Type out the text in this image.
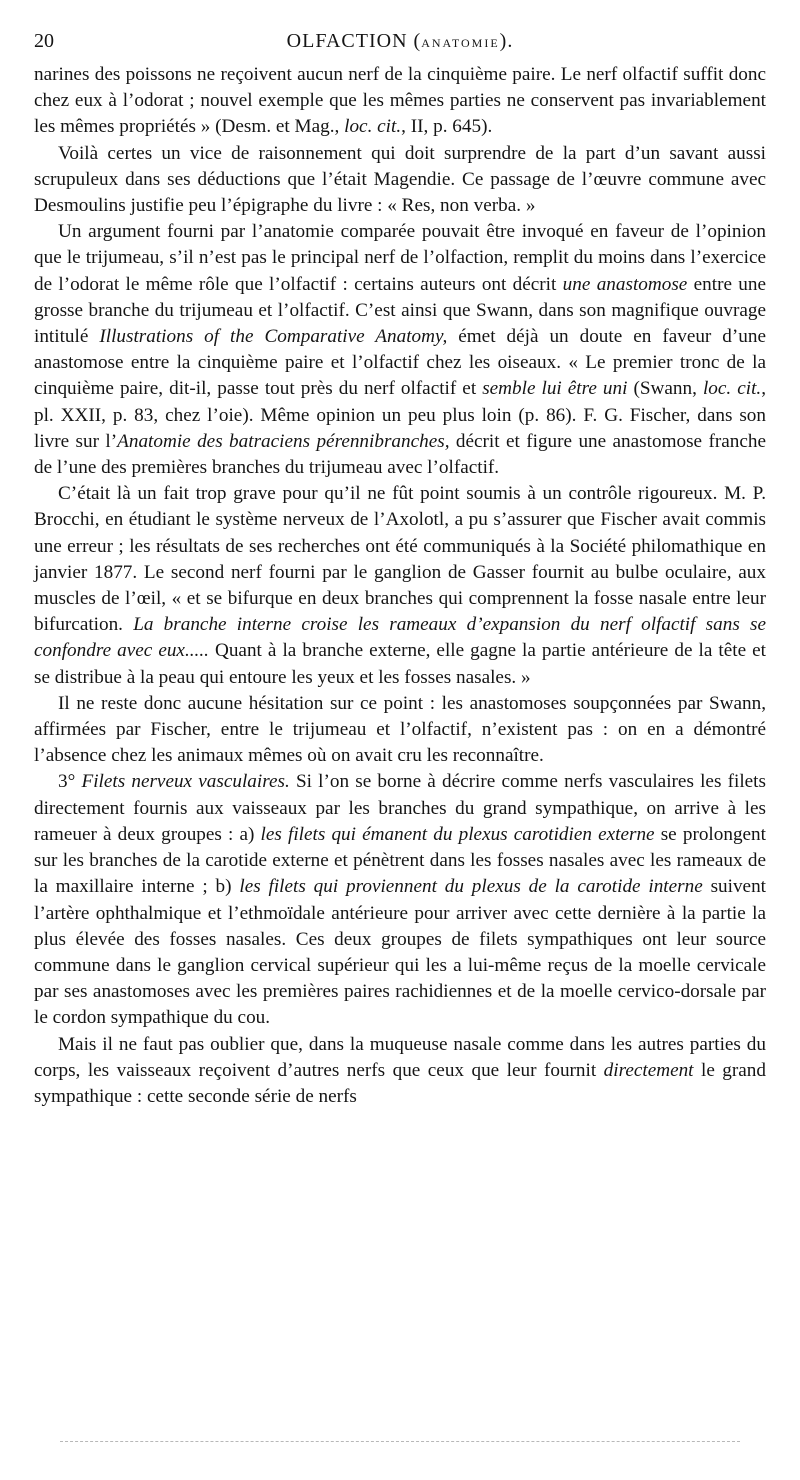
20	OLFACTION (ANATOMIE).

narines des poissons ne reçoivent aucun nerf de la cinquième paire. Le nerf olfactif suffit donc chez eux à l’odorat ; nouvel exemple que les mêmes parties ne conservent pas invariablement les mêmes propriétés » (Desm. et Mag., loc. cit., II, p. 645).

Voilà certes un vice de raisonnement qui doit surprendre de la part d’un savant aussi scrupuleux dans ses déductions que l’était Magendie. Ce passage de l’œuvre commune avec Desmoulins justifie peu l’épigraphe du livre : « Res, non verba. »

Un argument fourni par l’anatomie comparée pouvait être invoqué en faveur de l’opinion que le trijumeau, s’il n’est pas le principal nerf de l’olfaction, remplit du moins dans l’exercice de l’odorat le même rôle que l’olfactif : certains auteurs ont décrit une anastomose entre une grosse branche du trijumeau et l’olfactif. C’est ainsi que Swann, dans son magnifique ouvrage intitulé Illustrations of the Comparative Anatomy, émet déjà un doute en faveur d’une anastomose entre la cinquième paire et l’olfactif chez les oiseaux. « Le premier tronc de la cinquième paire, dit-il, passe tout près du nerf olfactif et semble lui être uni (Swann, loc. cit., pl. XXII, p. 83, chez l’oie). Même opinion un peu plus loin (p. 86). F. G. Fischer, dans son livre sur l’Anatomie des batraciens pérennibranches, décrit et figure une anastomose franche de l’une des premières branches du trijumeau avec l’olfactif.

C’était là un fait trop grave pour qu’il ne fût point soumis à un contrôle rigoureux. M. P. Brocchi, en étudiant le système nerveux de l’Axolotl, a pu s’assurer que Fischer avait commis une erreur ; les résultats de ses recherches ont été communiqués à la Société philomathique en janvier 1877. Le second nerf fourni par le ganglion de Gasser fournit au bulbe oculaire, aux muscles de l’œil, « et se bifurque en deux branches qui comprennent la fosse nasale entre leur bifurcation. La branche interne croise les rameaux d’expansion du nerf olfactif sans se confondre avec eux..... Quant à la branche externe, elle gagne la partie antérieure de la tête et se distribue à la peau qui entoure les yeux et les fosses nasales. »

Il ne reste donc aucune hésitation sur ce point : les anastomoses soupçonnées par Swann, affirmées par Fischer, entre le trijumeau et l’olfactif, n’existent pas : on en a démontré l’absence chez les animaux mêmes où on avait cru les reconnaître.

3° Filets nerveux vasculaires. Si l’on se borne à décrire comme nerfs vasculaires les filets directement fournis aux vaisseaux par les branches du grand sympathique, on arrive à les rameuer à deux groupes : a) les filets qui émanent du plexus carotidien externe se prolongent sur les branches de la carotide externe et pénètrent dans les fosses nasales avec les rameaux de la maxillaire interne ; b) les filets qui proviennent du plexus de la carotide interne suivent l’artère ophthalmique et l’ethmoïdale antérieure pour arriver avec cette dernière à la partie la plus élevée des fosses nasales. Ces deux groupes de filets sympathiques ont leur source commune dans le ganglion cervical supérieur qui les a lui-même reçus de la moelle cervicale par ses anastomoses avec les premières paires rachidiennes et de la moelle cervico-dorsale par le cordon sympathique du cou.

Mais il ne faut pas oublier que, dans la muqueuse nasale comme dans les autres parties du corps, les vaisseaux reçoivent d’autres nerfs que ceux que leur fournit directement le grand sympathique : cette seconde série de nerfs
